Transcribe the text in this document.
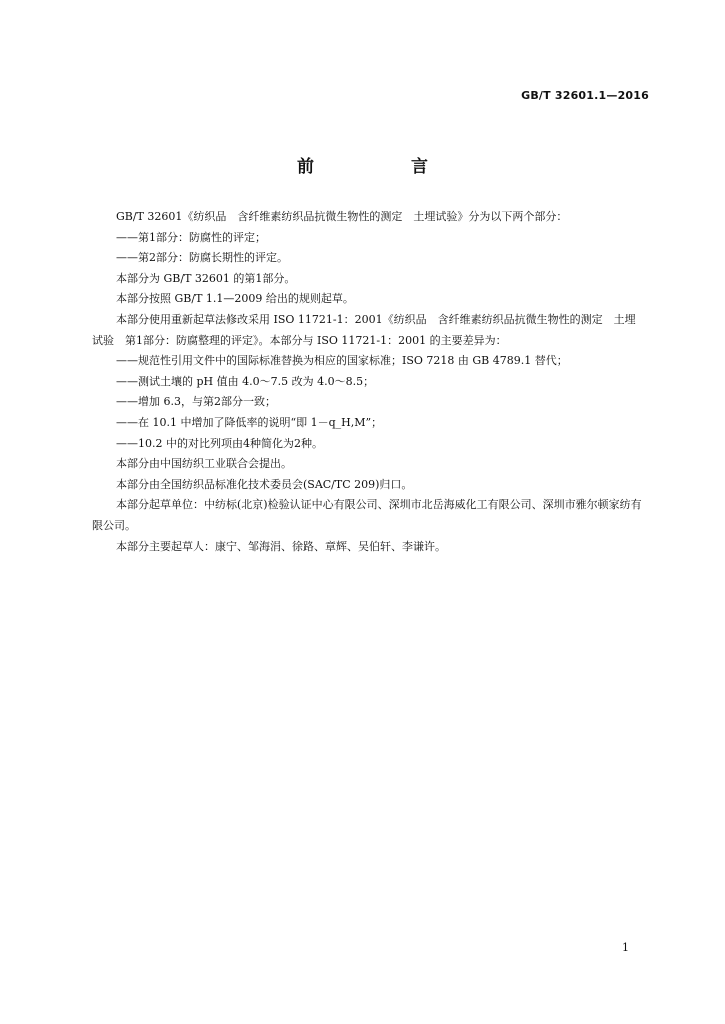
GB/T 32601.1—2016
前　言

GB/T 32601《纺织品　含纤维素纺织品抗微生物性的测定　土埋试验》分为以下两个部分：

——第1部分：防腐性的评定；

——第2部分：防腐长期性的评定。

本部分为 GB/T 32601 的第1部分。

本部分按照 GB/T 1.1—2009 给出的规则起草。

本部分使用重新起草法修改采用 ISO 11721-1：2001《纺织品　含纤维素纺织品抗微生物性的测定　土埋试验　第1部分：防腐整理的评定》。本部分与 ISO 11721-1：2001 的主要差异为：

——规范性引用文件中的国际标准替换为相应的国家标准；ISO 7218 由 GB 4789.1 替代；

——测试土壤的 pH 值由 4.0～7.5 改为 4.0～8.5；

——增加 6.3，与第2部分一致；

——在 10.1 中增加了降低率的说明“即 1－q_H,M”；

——10.2 中的对比列项由4种简化为2种。

本部分由中国纺织工业联合会提出。

本部分由全国纺织品标准化技术委员会(SAC/TC 209)归口。

本部分起草单位：中纺标(北京)检验认证中心有限公司、深圳市北岳海威化工有限公司、深圳市雅尔顿家纺有限公司。

本部分主要起草人：康宁、邹海涓、徐路、章辉、吴伯轩、李谦许。

1
